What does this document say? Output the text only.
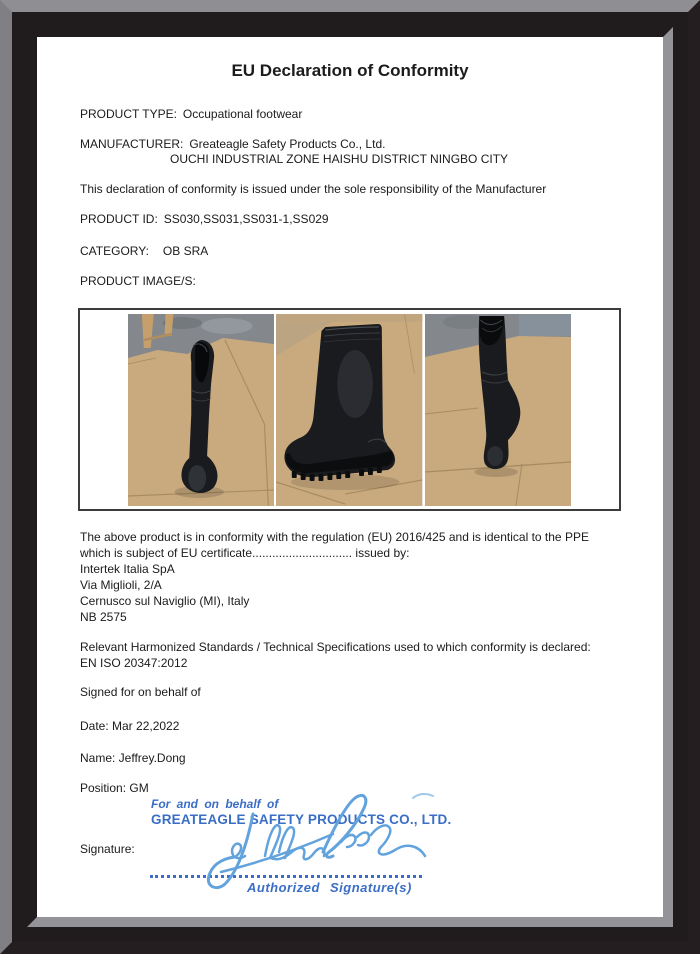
EU Declaration of Conformity
PRODUCT TYPE: Occupational footwear
MANUFACTURER: Greateagle Safety Products Co., Ltd.
OUCHI INDUSTRIAL ZONE HAISHU DISTRICT NINGBO CITY
This declaration of conformity is issued under the sole responsibility of the Manufacturer
PRODUCT ID: SS030,SS031,SS031-1,SS029
CATEGORY: OB SRA
PRODUCT IMAGE/S:
The above product is in conformity with the regulation (EU) 2016/425 and is identical to the PPE
which is subject of EU certificate.............................. issued by:
Intertek Italia SpA
Via Miglioli, 2/A
Cernusco sul Naviglio (MI), Italy
NB 2575
Relevant Harmonized Standards / Technical Specifications used to which conformity is declared:
EN ISO 20347:2012
Signed for on behalf of
Date: Mar 22,2022
Name: Jeffrey.Dong
Position: GM
Signature:
For and on behalf of
GREATEAGLE SAFETY PRODUCTS CO., LTD.
Authorized Signature(s)
